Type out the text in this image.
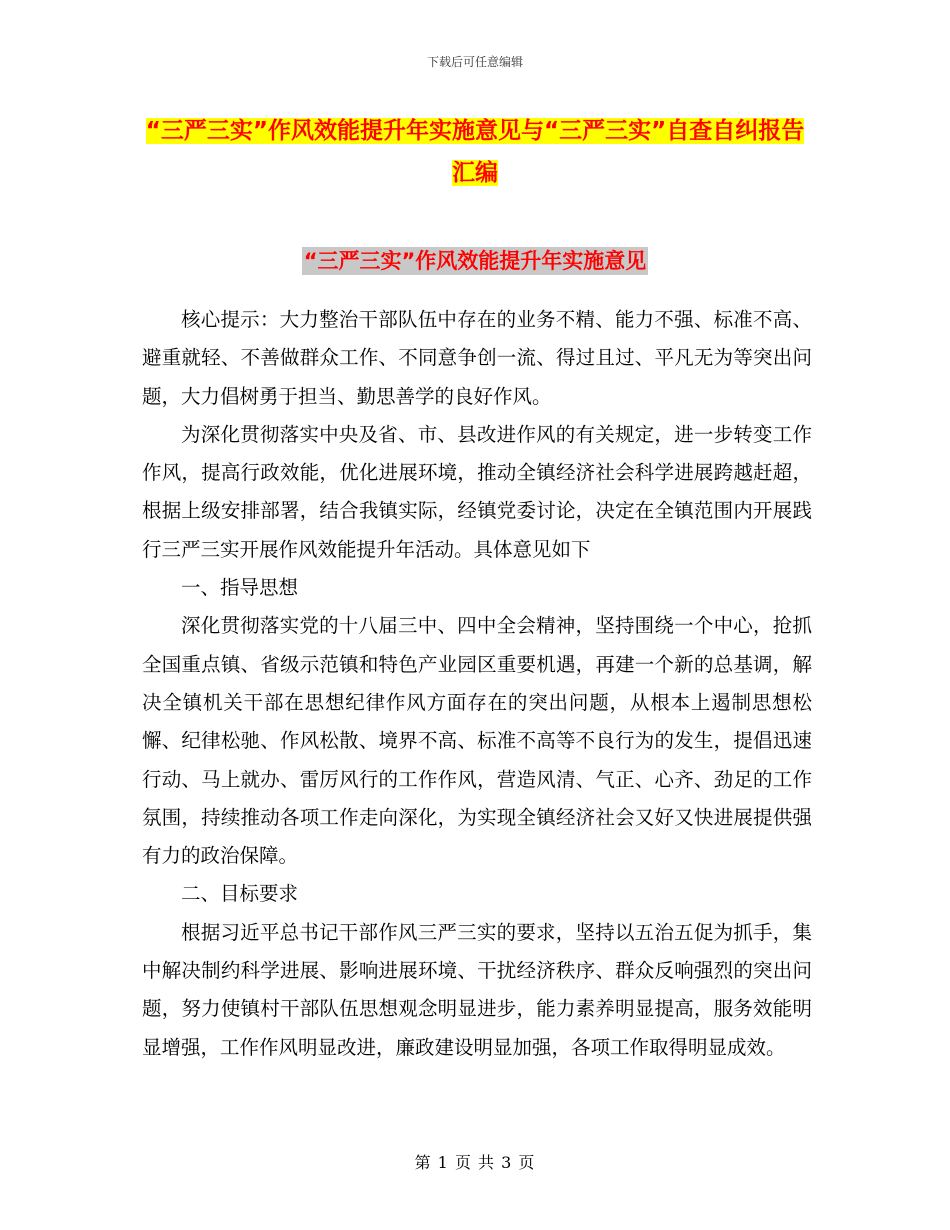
下载后可任意编辑
“三严三实”作风效能提升年实施意见与“三严三实”自查自纠报告汇编
“三严三实”作风效能提升年实施意见

核心提示：大力整治干部队伍中存在的业务不精、能力不强、标准不高、避重就轻、不善做群众工作、不同意争创一流、得过且过、平凡无为等突出问题，大力倡树勇于担当、勤思善学的良好作风。

为深化贯彻落实中央及省、市、县改进作风的有关规定，进一步转变工作作风，提高行政效能，优化进展环境，推动全镇经济社会科学进展跨越赶超，根据上级安排部署，结合我镇实际，经镇党委讨论，决定在全镇范围内开展践行三严三实开展作风效能提升年活动。具体意见如下

一、指导思想

深化贯彻落实党的十八届三中、四中全会精神，坚持围绕一个中心，抢抓全国重点镇、省级示范镇和特色产业园区重要机遇，再建一个新的总基调，解决全镇机关干部在思想纪律作风方面存在的突出问题，从根本上遏制思想松懈、纪律松驰、作风松散、境界不高、标准不高等不良行为的发生，提倡迅速行动、马上就办、雷厉风行的工作作风，营造风清、气正、心齐、劲足的工作氛围，持续推动各项工作走向深化，为实现全镇经济社会又好又快进展提供强有力的政治保障。

二、目标要求

根据习近平总书记干部作风三严三实的要求，坚持以五治五促为抓手，集中解决制约科学进展、影响进展环境、干扰经济秩序、群众反响强烈的突出问题，努力使镇村干部队伍思想观念明显进步，能力素养明显提高，服务效能明显增强，工作作风明显改进，廉政建设明显加强，各项工作取得明显成效。

第 1 页 共 3 页
